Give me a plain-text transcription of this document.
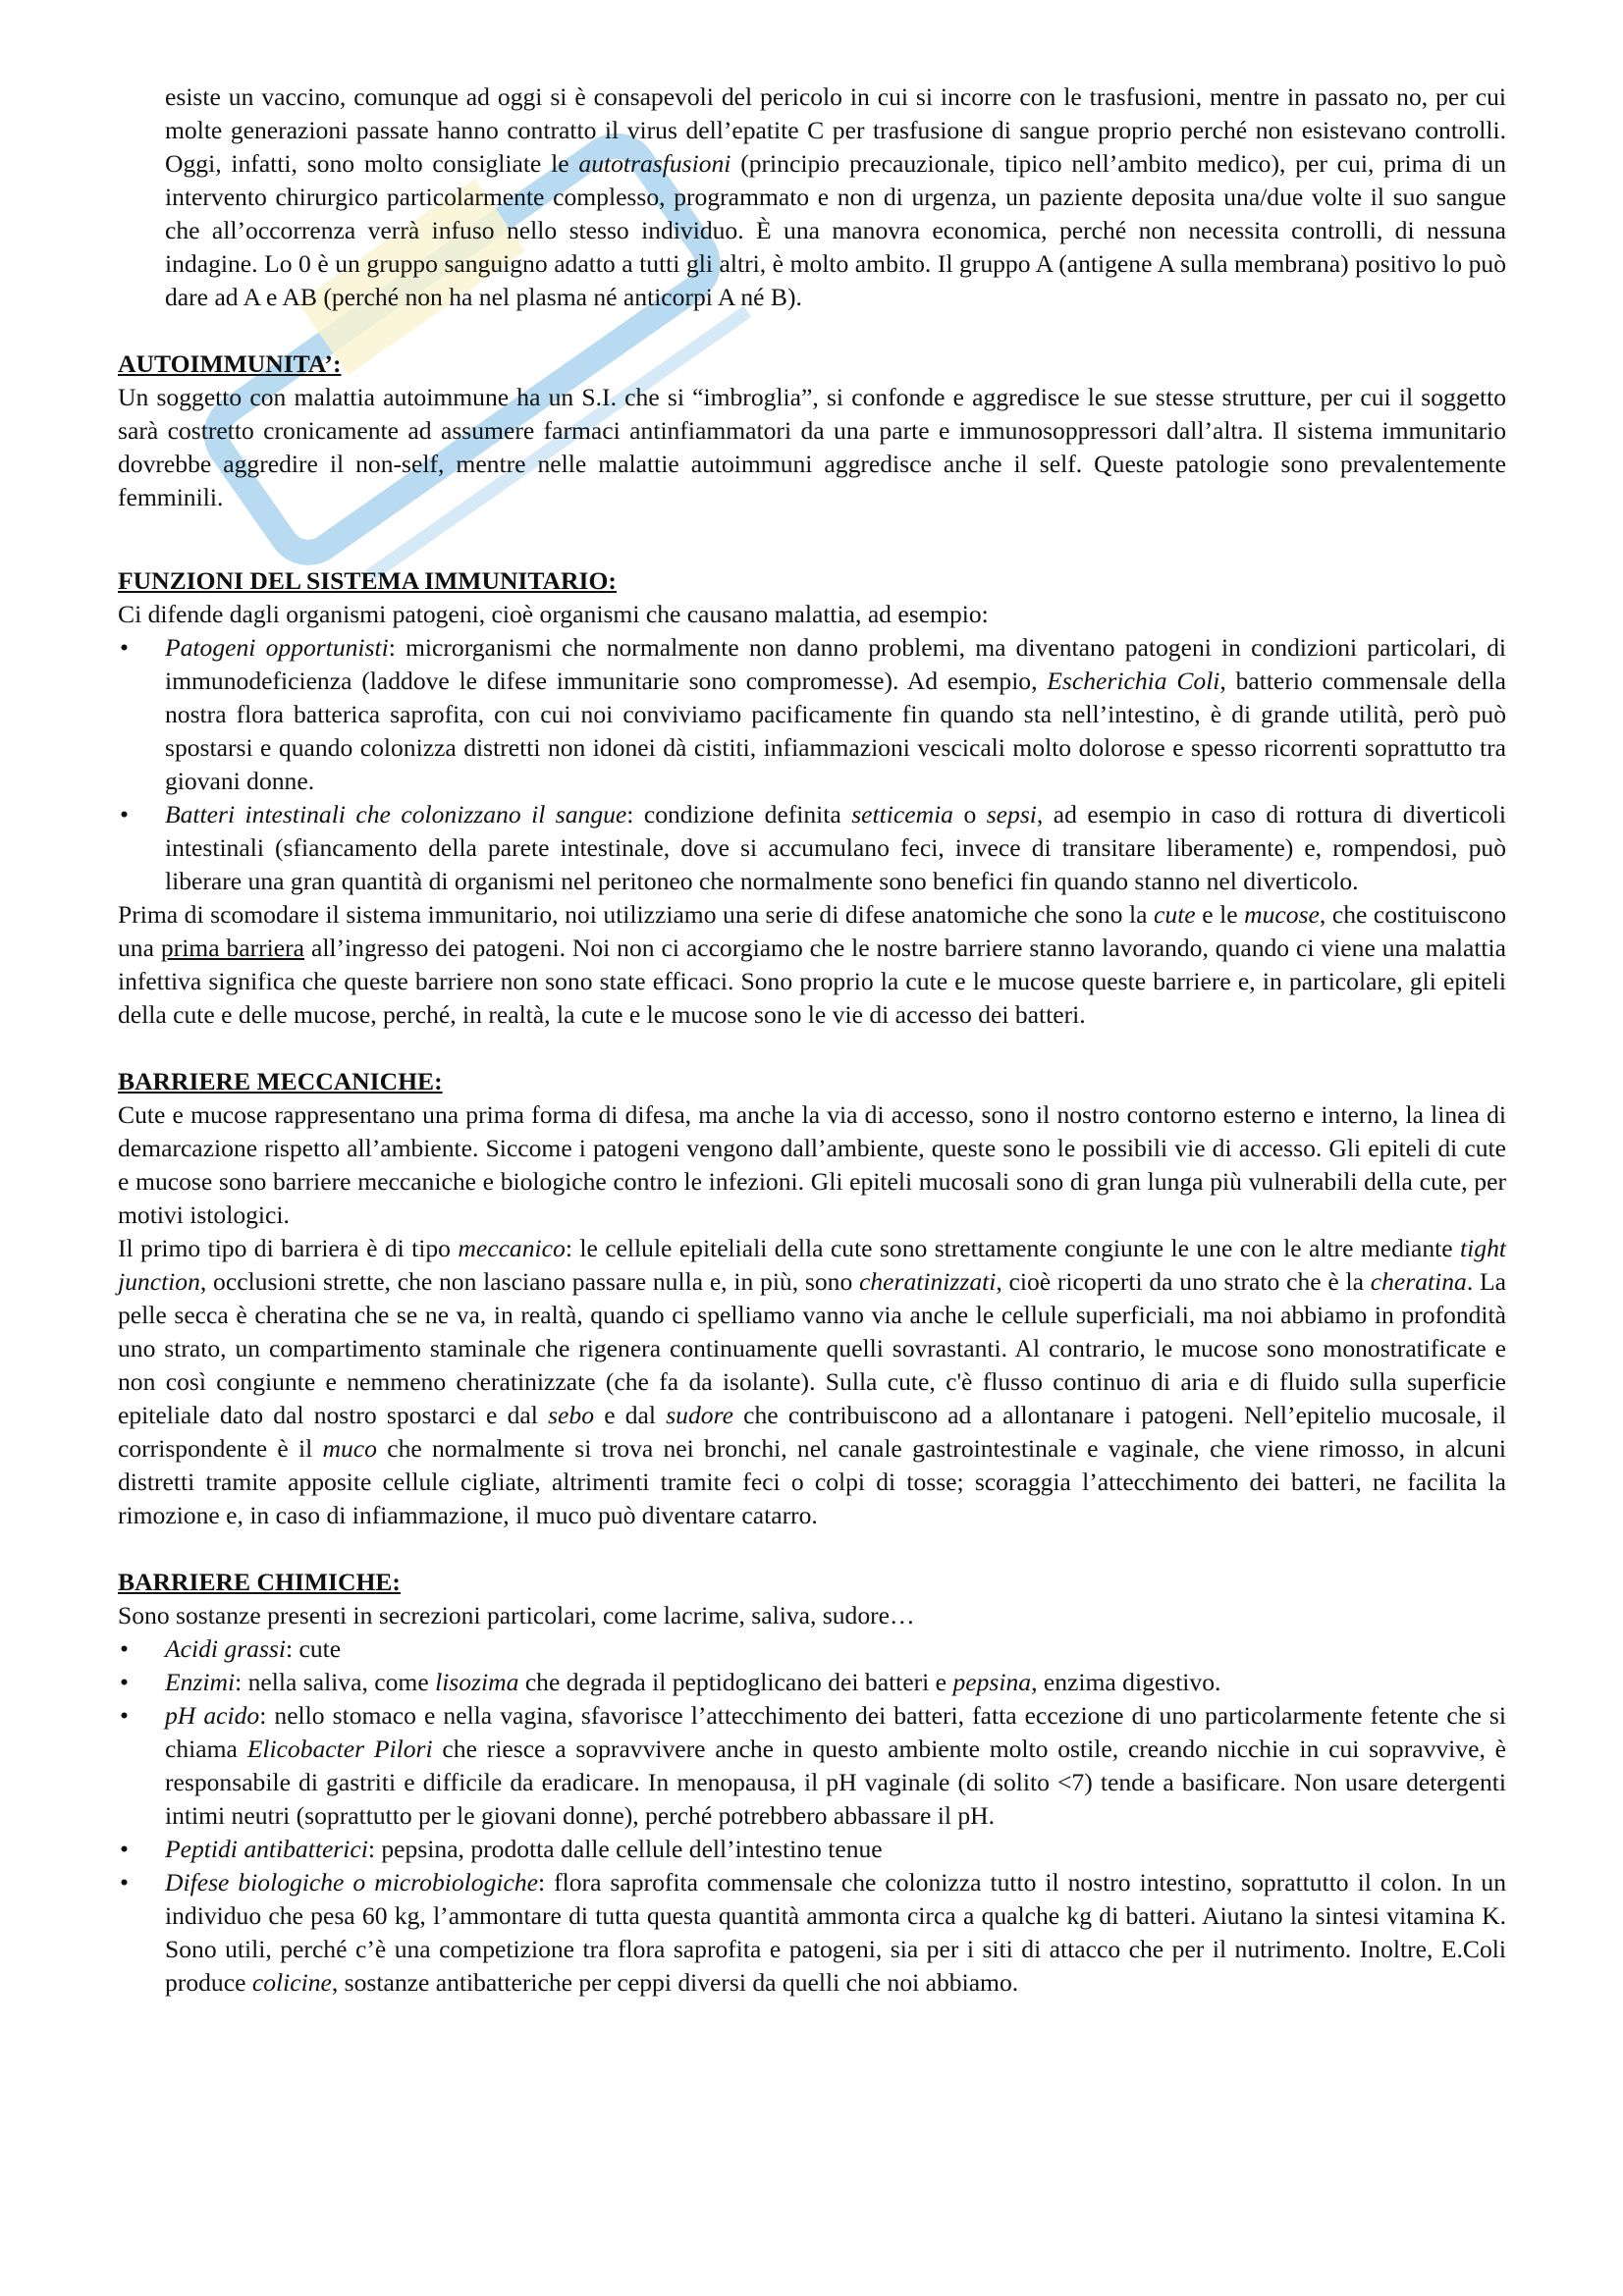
esiste un vaccino, comunque ad oggi si è consapevoli del pericolo in cui si incorre con le trasfusioni, mentre in passato no, per cui molte generazioni passate hanno contratto il virus dell’epatite C per trasfusione di sangue proprio perché non esistevano controlli. Oggi, infatti, sono molto consigliate le autotrasfusioni (principio precauzionale, tipico nell’ambito medico), per cui, prima di un intervento chirurgico particolarmente complesso, programmato e non di urgenza, un paziente deposita una/due volte il suo sangue che all’occorrenza verrà infuso nello stesso individuo. È una manovra economica, perché non necessita controlli, di nessuna indagine. Lo 0 è un gruppo sanguigno adatto a tutti gli altri, è molto ambito. Il gruppo A (antigene A sulla membrana) positivo lo può dare ad A e AB (perché non ha nel plasma né anticorpi A né B).

AUTOIMMUNITA’:

Un soggetto con malattia autoimmune ha un S.I. che si “imbroglia”, si confonde e aggredisce le sue stesse strutture, per cui il soggetto sarà costretto cronicamente ad assumere farmaci antinfiammatori da una parte e immunosoppressori dall’altra. Il sistema immunitario dovrebbe aggredire il non-self, mentre nelle malattie autoimmuni aggredisce anche il self. Queste patologie sono prevalentemente femminili.

FUNZIONI DEL SISTEMA IMMUNITARIO:

Ci difende dagli organismi patogeni, cioè organismi che causano malattia, ad esempio:

• Patogeni opportunisti: microrganismi che normalmente non danno problemi, ma diventano patogeni in condizioni particolari, di immunodeficienza (laddove le difese immunitarie sono compromesse). Ad esempio, Escherichia Coli, batterio commensale della nostra flora batterica saprofita, con cui noi conviviamo pacificamente fin quando sta nell’intestino, è di grande utilità, però può spostarsi e quando colonizza distretti non idonei dà cistiti, infiammazioni vescicali molto dolorose e spesso ricorrenti soprattutto tra giovani donne.
• Batteri intestinali che colonizzano il sangue: condizione definita setticemia o sepsi, ad esempio in caso di rottura di diverticoli intestinali (sfiancamento della parete intestinale, dove si accumulano feci, invece di transitare liberamente) e, rompendosi, può liberare una gran quantità di organismi nel peritoneo che normalmente sono benefici fin quando stanno nel diverticolo.

Prima di scomodare il sistema immunitario, noi utilizziamo una serie di difese anatomiche che sono la cute e le mucose, che costituiscono una prima barriera all’ingresso dei patogeni. Noi non ci accorgiamo che le nostre barriere stanno lavorando, quando ci viene una malattia infettiva significa che queste barriere non sono state efficaci. Sono proprio la cute e le mucose queste barriere e, in particolare, gli epiteli della cute e delle mucose, perché, in realtà, la cute e le mucose sono le vie di accesso dei batteri.

BARRIERE MECCANICHE:

Cute e mucose rappresentano una prima forma di difesa, ma anche la via di accesso, sono il nostro contorno esterno e interno, la linea di demarcazione rispetto all’ambiente. Siccome i patogeni vengono dall’ambiente, queste sono le possibili vie di accesso. Gli epiteli di cute e mucose sono barriere meccaniche e biologiche contro le infezioni. Gli epiteli mucosali sono di gran lunga più vulnerabili della cute, per motivi istologici.

Il primo tipo di barriera è di tipo meccanico: le cellule epiteliali della cute sono strettamente congiunte le une con le altre mediante tight junction, occlusioni strette, che non lasciano passare nulla e, in più, sono cheratinizzati, cioè ricoperti da uno strato che è la cheratina. La pelle secca è cheratina che se ne va, in realtà, quando ci spelliamo vanno via anche le cellule superficiali, ma noi abbiamo in profondità uno strato, un compartimento staminale che rigenera continuamente quelli sovrastanti. Al contrario, le mucose sono monostratificate e non così congiunte e nemmeno cheratinizzate (che fa da isolante). Sulla cute, c'è flusso continuo di aria e di fluido sulla superficie epiteliale dato dal nostro spostarci e dal sebo e dal sudore che contribuiscono ad a allontanare i patogeni. Nell’epitelio mucosale, il corrispondente è il muco che normalmente si trova nei bronchi, nel canale gastrointestinale e vaginale, che viene rimosso, in alcuni distretti tramite apposite cellule cigliate, altrimenti tramite feci o colpi di tosse; scoraggia l’attecchimento dei batteri, ne facilita la rimozione e, in caso di infiammazione, il muco può diventare catarro.

BARRIERE CHIMICHE:

Sono sostanze presenti in secrezioni particolari, come lacrime, saliva, sudore…

• Acidi grassi: cute
• Enzimi: nella saliva, come lisozima che degrada il peptidoglicano dei batteri e pepsina, enzima digestivo.
• pH acido: nello stomaco e nella vagina, sfavorisce l’attecchimento dei batteri, fatta eccezione di uno particolarmente fetente che si chiama Elicobacter Pilori che riesce a sopravvivere anche in questo ambiente molto ostile, creando nicchie in cui sopravvive, è responsabile di gastriti e difficile da eradicare. In menopausa, il pH vaginale (di solito <7) tende a basificare. Non usare detergenti intimi neutri (soprattutto per le giovani donne), perché potrebbero abbassare il pH.
• Peptidi antibatterici: pepsina, prodotta dalle cellule dell’intestino tenue
• Difese biologiche o microbiologiche: flora saprofita commensale che colonizza tutto il nostro intestino, soprattutto il colon. In un individuo che pesa 60 kg, l’ammontare di tutta questa quantità ammonta circa a qualche kg di batteri. Aiutano la sintesi vitamina K. Sono utili, perché c’è una competizione tra flora saprofita e patogeni, sia per i siti di attacco che per il nutrimento. Inoltre, E.Coli produce colicine, sostanze antibatteriche per ceppi diversi da quelli che noi abbiamo.
